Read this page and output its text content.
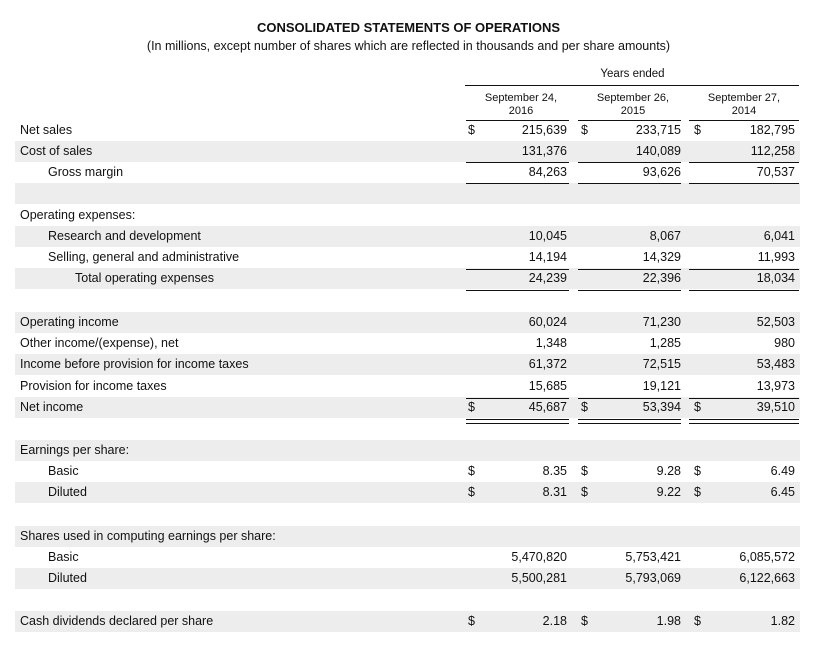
CONSOLIDATED STATEMENTS OF OPERATIONS
(In millions, except number of shares which are reflected in thousands and per share amounts)
Years ended
September 24,
2016
September 26,
2015
September 27,
2014
Net sales	$	215,639 $	233,715 $	182,795
Cost of sales	131,376	140,089	112,258
Gross margin	84,263	93,626	70,537
Operating expenses:
Research and development	10,045	8,067	6,041
Selling, general and administrative	14,194	14,329	11,993
Total operating expenses	24,239	22,396	18,034
Operating income	60,024	71,230	52,503
Other income/(expense), net	1,348	1,285	980
Income before provision for income taxes	61,372	72,515	53,483
Provision for income taxes	15,685	19,121	13,973
Net income	$	45,687 $	53,394 $	39,510
Earnings per share:
Basic	$	8.35 $	9.28 $	6.49
Diluted	$	8.31 $	9.22 $	6.45
Shares used in computing earnings per share:
Basic	5,470,820	5,753,421	6,085,572
Diluted	5,500,281	5,793,069	6,122,663
Cash dividends declared per share	$	2.18 $	1.98 $	1.82
